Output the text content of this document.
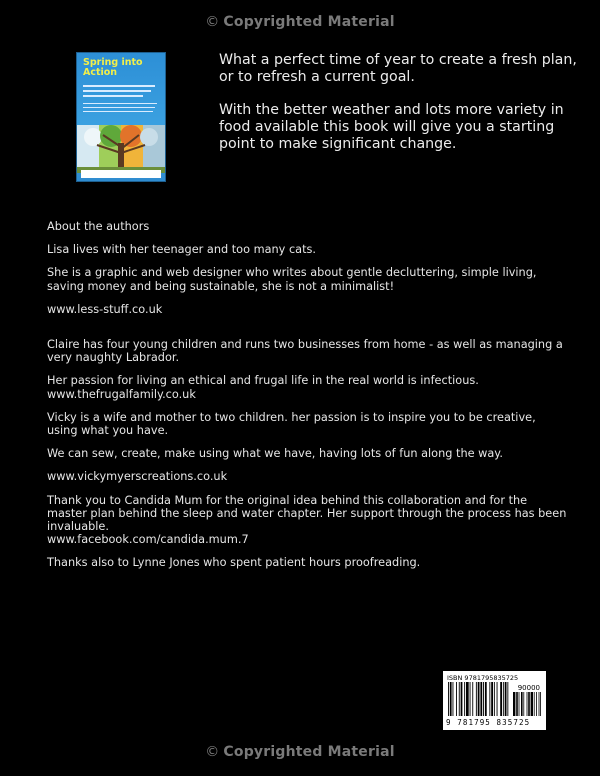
© Copyrighted Material
Spring into
Action

What a perfect time of year to create a fresh plan, or to refresh a current goal.

With the better weather and lots more variety in food available this book will give you a starting point to make significant change.

About the authors

Lisa lives with her teenager and too many cats.

She is a graphic and web designer who writes about gentle decluttering, simple living, saving money and being sustainable, she is not a minimalist!

www.less-stuff.co.uk

Claire has four young children and runs two businesses from home - as well as managing a very naughty Labrador.

Her passion for living an ethical and frugal life in the real world is infectious.
www.thefrugalfamily.co.uk

Vicky is a wife and mother to two children. her passion is to inspire you to be creative, using what you have.

We can sew, create, make using what we have, having lots of fun along the way.

www.vickymyerscreations.co.uk

Thank you to Candida Mum for the original idea behind this collaboration and for the master plan behind the sleep and water chapter. Her support through the process has been invaluable.
www.facebook.com/candida.mum.7

Thanks also to Lynne Jones who spent patient hours proofreading.

ISBN 9781795835725
90000
9 781795 835725
© Copyrighted Material
